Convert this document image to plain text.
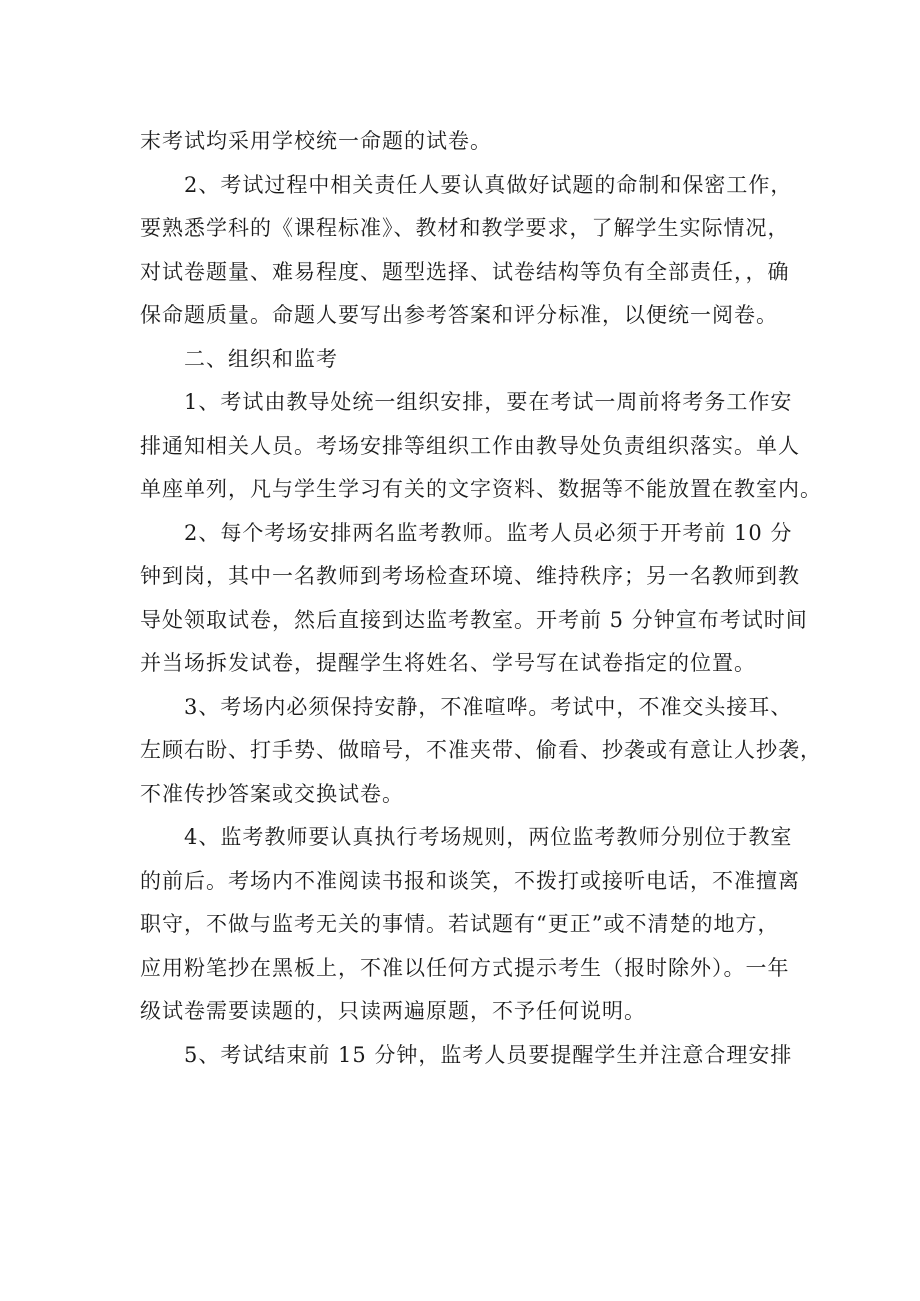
末考试均采用学校统一命题的试卷。

2、考试过程中相关责任人要认真做好试题的命制和保密工作，
要熟悉学科的《课程标准》、教材和教学要求，了解学生实际情况，
对试卷题量、难易程度、题型选择、试卷结构等负有全部责任，，确
保命题质量。命题人要写出参考答案和评分标准，以便统一阅卷。

二、组织和监考

1、考试由教导处统一组织安排，要在考试一周前将考务工作安
排通知相关人员。考场安排等组织工作由教导处负责组织落实。单人
单座单列，凡与学生学习有关的文字资料、数据等不能放置在教室内。

2、每个考场安排两名监考教师。监考人员必须于开考前 10 分
钟到岗，其中一名教师到考场检查环境、维持秩序；另一名教师到教
导处领取试卷，然后直接到达监考教室。开考前 5 分钟宣布考试时间
并当场拆发试卷，提醒学生将姓名、学号写在试卷指定的位置。

3、考场内必须保持安静，不准喧哗。考试中，不准交头接耳、
左顾右盼、打手势、做暗号，不准夹带、偷看、抄袭或有意让人抄袭，
不准传抄答案或交换试卷。

4、监考教师要认真执行考场规则，两位监考教师分别位于教室
的前后。考场内不准阅读书报和谈笑，不拨打或接听电话，不准擅离
职守，不做与监考无关的事情。若试题有“更正”或不清楚的地方，
应用粉笔抄在黑板上，不准以任何方式提示考生（报时除外）。一年
级试卷需要读题的，只读两遍原题，不予任何说明。

5、考试结束前 15 分钟，监考人员要提醒学生并注意合理安排
